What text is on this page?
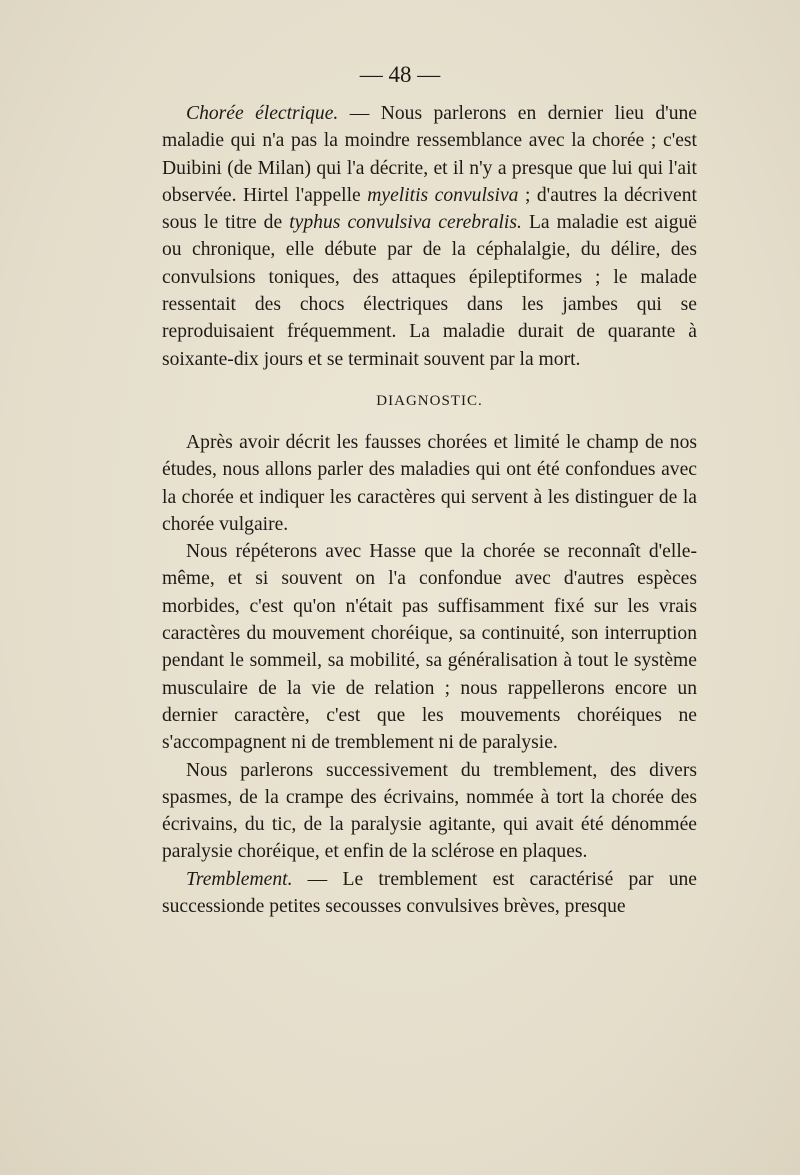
— 48 —

Chorée électrique. — Nous parlerons en dernier lieu d'une maladie qui n'a pas la moindre ressemblance avec la chorée ; c'est Duibini (de Milan) qui l'a décrite, et il n'y a presque que lui qui l'ait observée. Hirtel l'appelle myelitis convulsiva ; d'autres la décrivent sous le titre de typhus convulsiva cerebralis. La maladie est aiguë ou chronique, elle débute par de la céphalalgie, du délire, des convulsions toniques, des attaques épileptiformes ; le malade ressentait des chocs électriques dans les jambes qui se reproduisaient fréquemment. La maladie durait de quarante à soixante-dix jours et se terminait souvent par la mort.

DIAGNOSTIC.

Après avoir décrit les fausses chorées et limité le champ de nos études, nous allons parler des maladies qui ont été confondues avec la chorée et indiquer les caractères qui servent à les distinguer de la chorée vulgaire.

Nous répéterons avec Hasse que la chorée se reconnaît d'elle-même, et si souvent on l'a confondue avec d'autres espèces morbides, c'est qu'on n'était pas suffisamment fixé sur les vrais caractères du mouvement choréique, sa continuité, son interruption pendant le sommeil, sa mobilité, sa généralisation à tout le système musculaire de la vie de relation ; nous rappellerons encore un dernier caractère, c'est que les mouvements choréiques ne s'accompagnent ni de tremblement ni de paralysie.

Nous parlerons successivement du tremblement, des divers spasmes, de la crampe des écrivains, nommée à tort la chorée des écrivains, du tic, de la paralysie agitante, qui avait été dénommée paralysie choréique, et enfin de la sclérose en plaques.

Tremblement. — Le tremblement est caractérisé par une successionde petites secousses convulsives brèves, presque
